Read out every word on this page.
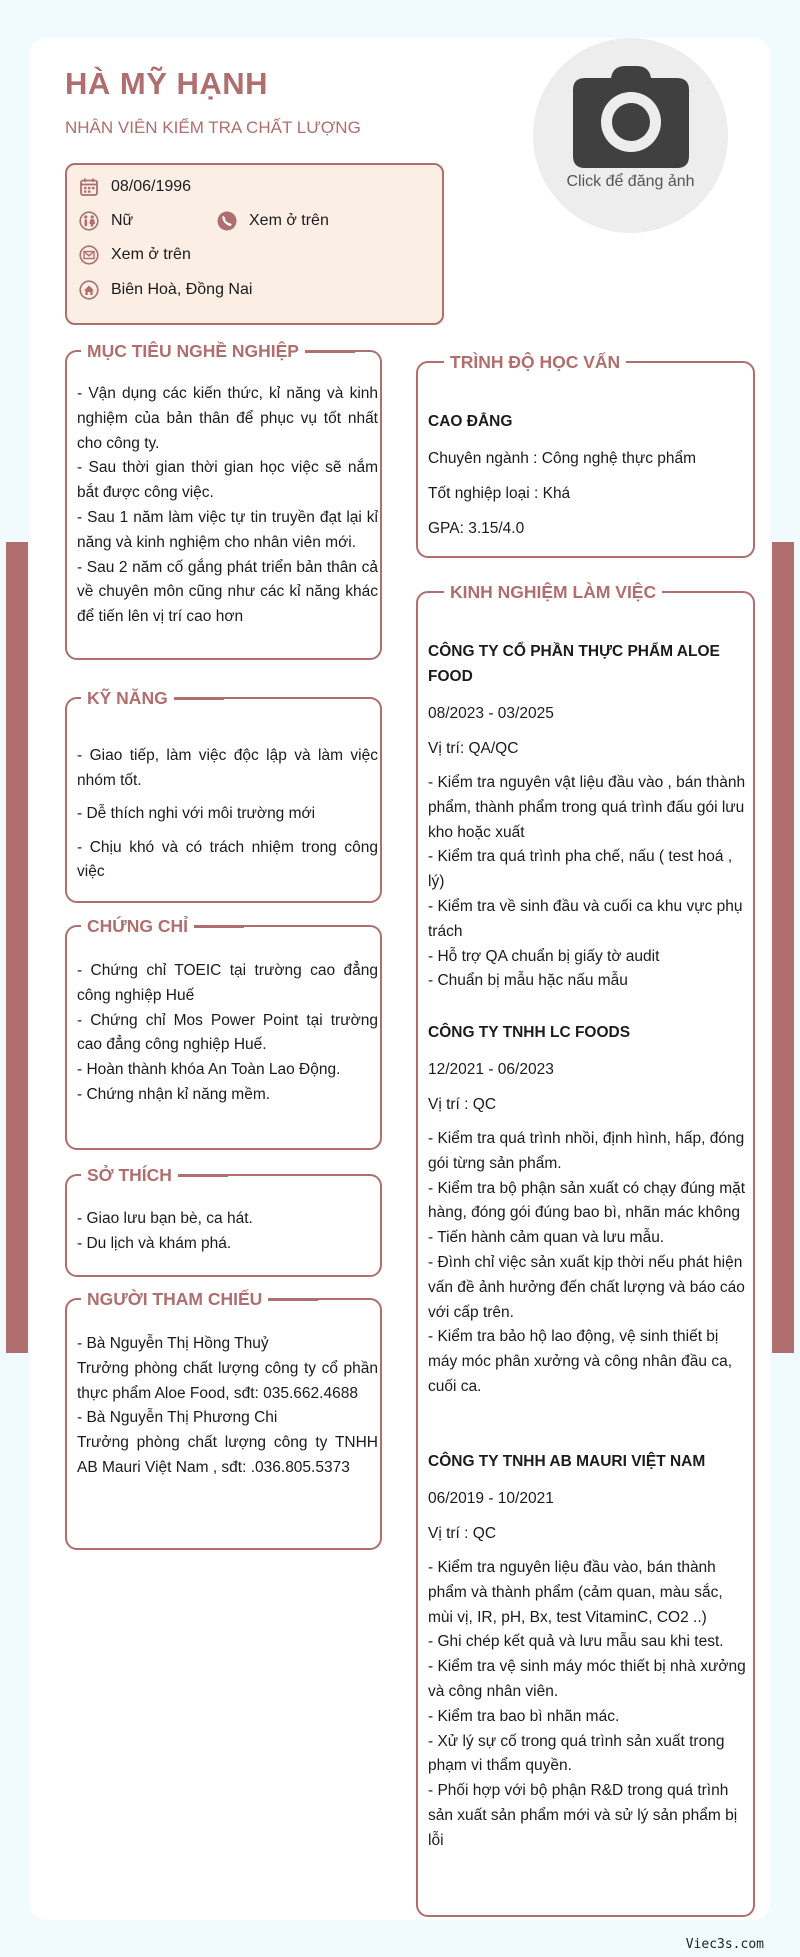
HÀ MỸ HẠNH
NHÂN VIÊN KIỂM TRA CHẤT LƯỢNG
Click để đăng ảnh
08/06/1996
Nữ	Xem ở trên
Xem ở trên
Biên Hoà, Đồng Nai
MỤC TIÊU NGHỀ NGHIỆP

- Vận dụng các kiến thức, kỉ năng và kinh nghiệm của bản thân để phục vụ tốt nhất cho công ty.

- Sau thời gian thời gian học việc sẽ nắm bắt được công việc.

- Sau 1 năm làm việc tự tin truyền đạt lại kỉ năng và kinh nghiệm cho nhân viên mới.

- Sau 2 năm cố gắng phát triển bản thân cả về chuyên môn cũng như các kỉ năng khác để tiến lên vị trí cao hơn

KỸ NĂNG

- Giao tiếp, làm việc độc lập và làm việc nhóm tốt.

- Dễ thích nghi với môi trường mới

- Chịu khó và có trách nhiệm trong công việc

CHỨNG CHỈ

- Chứng chỉ TOEIC tại trường cao đẳng công nghiệp Huế

- Chứng chỉ Mos Power Point tại trường cao đẳng công nghiệp Huế.

- Hoàn thành khóa An Toàn Lao Động.

- Chứng nhận kỉ năng mềm.

SỞ THÍCH

- Giao lưu bạn bè, ca hát.

- Du lịch và khám phá.

NGƯỜI THAM CHIẾU

- Bà Nguyễn Thị Hồng Thuỷ

Trưởng phòng chất lượng công ty cổ phần thực phẩm Aloe Food, sđt: 035.662.4688

- Bà Nguyễn Thị Phương Chi

Trưởng phòng chất lượng công ty TNHH AB Mauri Việt Nam , sđt: .036.805.5373

TRÌNH ĐỘ HỌC VẤN
CAO ĐẲNG
Chuyên ngành : Công nghệ thực phẩm
Tốt nghiệp loại : Khá
GPA: 3.15/4.0
KINH NGHIỆM LÀM VIỆC
CÔNG TY CỔ PHẦN THỰC PHẨM ALOE FOOD
08/2023 - 03/2025
Vị trí: QA/QC

- Kiểm tra nguyên vật liệu đầu vào , bán thành phẩm, thành phẩm trong quá trình đấu gói lưu kho hoặc xuất

- Kiểm tra quá trình pha chế, nấu ( test hoá , lý)

- Kiểm tra về sinh đầu và cuối ca khu vực phụ trách

- Hỗ trợ QA chuẩn bị giấy tờ audit

- Chuẩn bị mẫu hặc nấu mẫu

CÔNG TY TNHH LC FOODS
12/2021 - 06/2023
Vị trí : QC

- Kiểm tra quá trình nhồi, định hình, hấp, đóng gói từng sản phẩm.

- Kiểm tra bộ phận sản xuất có chạy đúng mặt hàng, đóng gói đúng bao bì, nhãn mác không

- Tiến hành cảm quan và lưu mẫu.

- Đình chỉ việc sản xuất kịp thời nếu phát hiện vấn đề ảnh hưởng đến chất lượng và báo cáo với cấp trên.

- Kiểm tra bảo hộ lao động, vệ sinh thiết bị máy móc phân xưởng và công nhân đầu ca, cuối ca.

CÔNG TY TNHH AB MAURI VIỆT NAM
06/2019 - 10/2021
Vị trí : QC

- Kiểm tra nguyên liệu đầu vào, bán thành phẩm và thành phẩm (cảm quan, màu sắc, mùi vị, IR, pH, Bx, test VitaminC, CO2 ..)

- Ghi chép kết quả và lưu mẫu sau khi test.

- Kiểm tra vệ sinh máy móc thiết bị nhà xưởng và công nhân viên.

- Kiểm tra bao bì nhãn mác.

- Xử lý sự cố trong quá trình sản xuất trong phạm vi thẩm quyền.

- Phối hợp với bộ phận R&D trong quá trình sản xuất sản phẩm mới và sử lý sản phẩm bị lỗi

Viec3s.com
